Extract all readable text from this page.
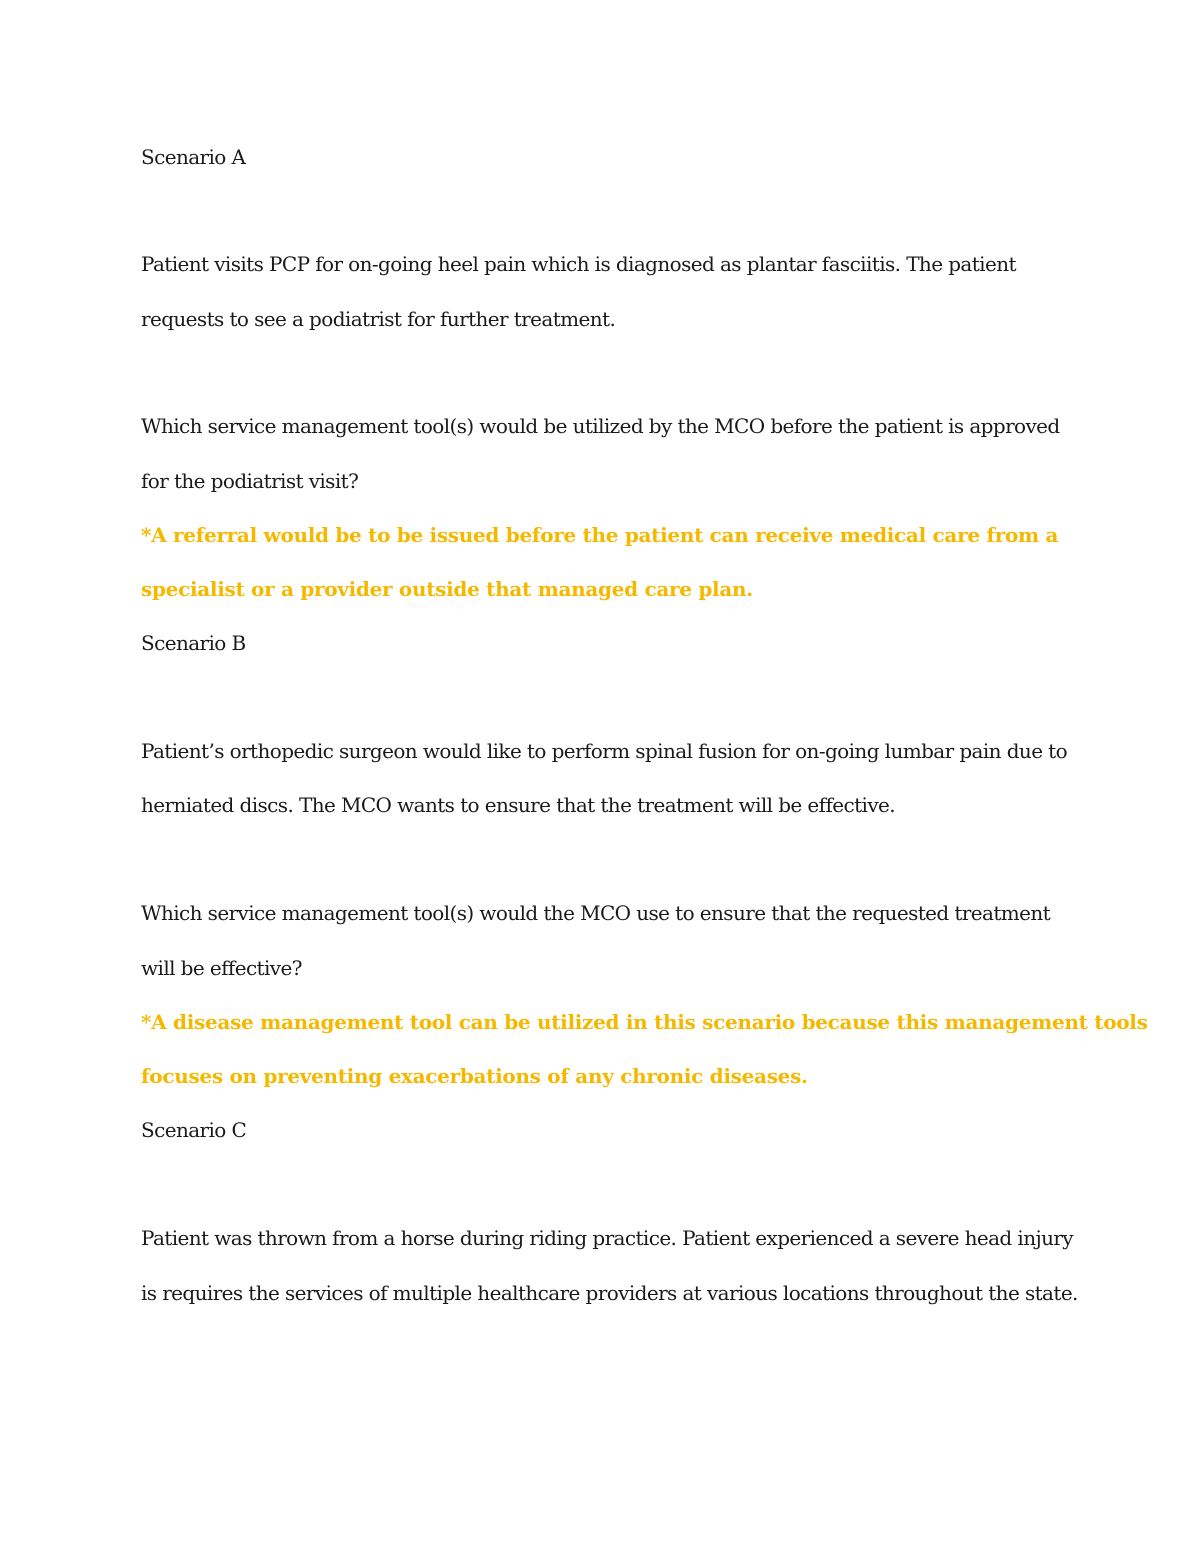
Scenario A
Patient visits PCP for on-going heel pain which is diagnosed as plantar fasciitis. The patient
requests to see a podiatrist for further treatment.
Which service management tool(s) would be utilized by the MCO before the patient is approved
for the podiatrist visit?
*A referral would be to be issued before the patient can receive medical care from a
specialist or a provider outside that managed care plan.
Scenario B
Patient’s orthopedic surgeon would like to perform spinal fusion for on-going lumbar pain due to
herniated discs. The MCO wants to ensure that the treatment will be effective.
Which service management tool(s) would the MCO use to ensure that the requested treatment
will be effective?
*A disease management tool can be utilized in this scenario because this management tools
focuses on preventing exacerbations of any chronic diseases.
Scenario C
Patient was thrown from a horse during riding practice. Patient experienced a severe head injury
is requires the services of multiple healthcare providers at various locations throughout the state.
